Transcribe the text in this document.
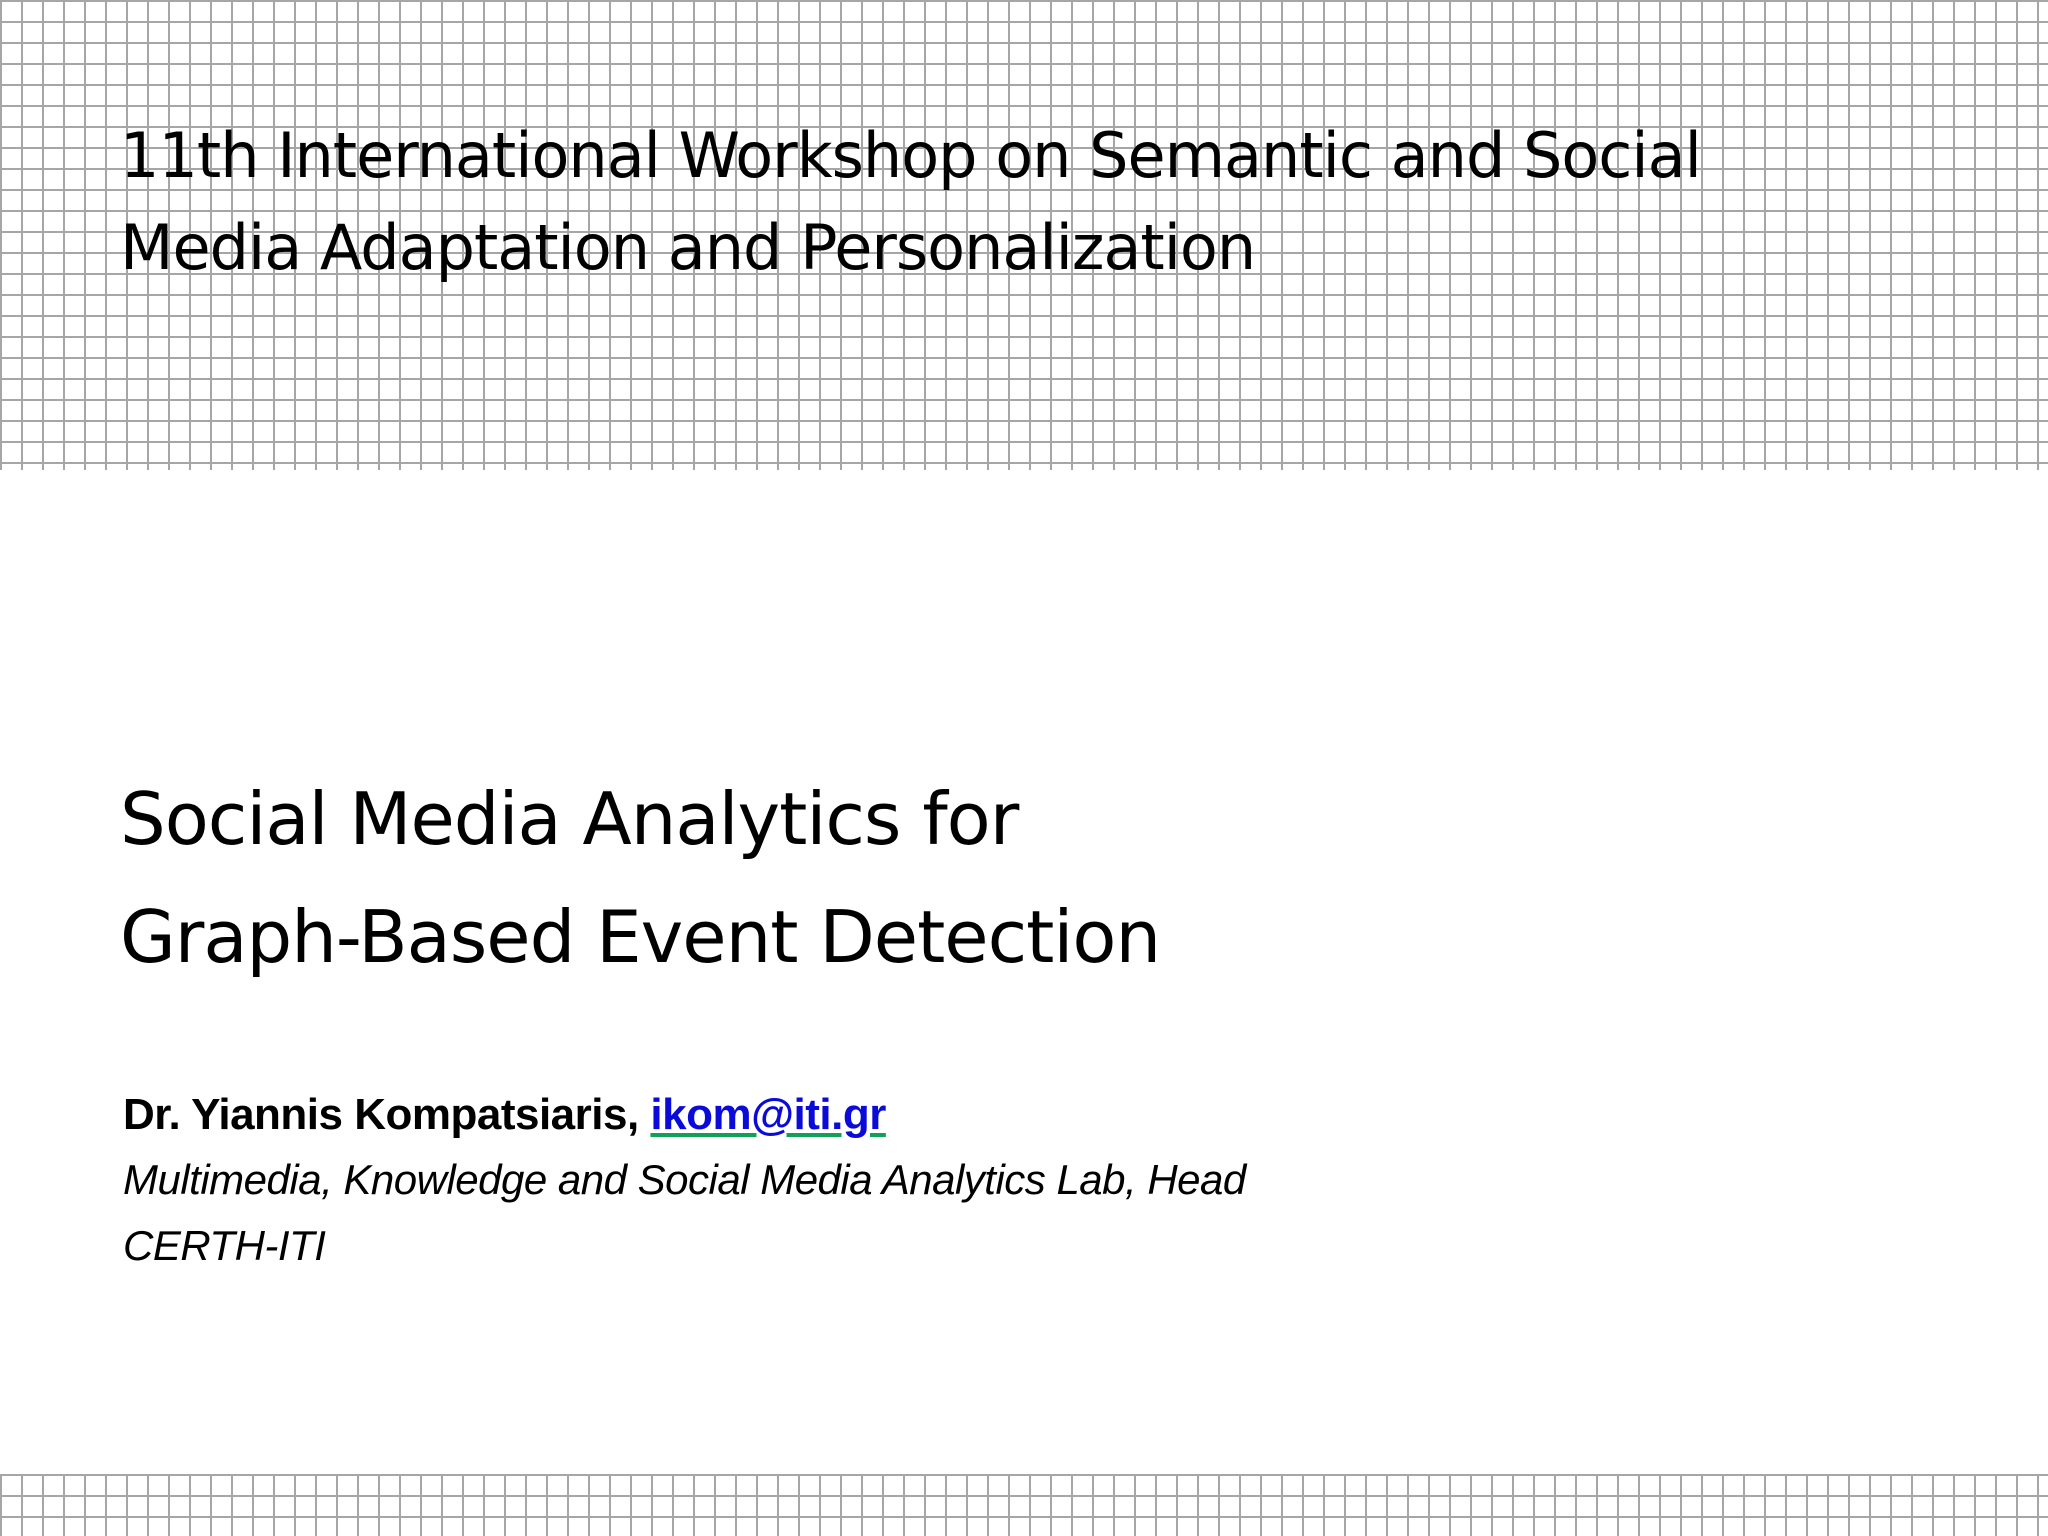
11th International Workshop on Semantic and Social
Media Adaptation and Personalization
Social Media Analytics for
Graph-Based Event Detection
Dr. Yiannis Kompatsiaris, ikom@iti.gr
Multimedia, Knowledge and Social Media Analytics Lab, Head
CERTH-ITI
